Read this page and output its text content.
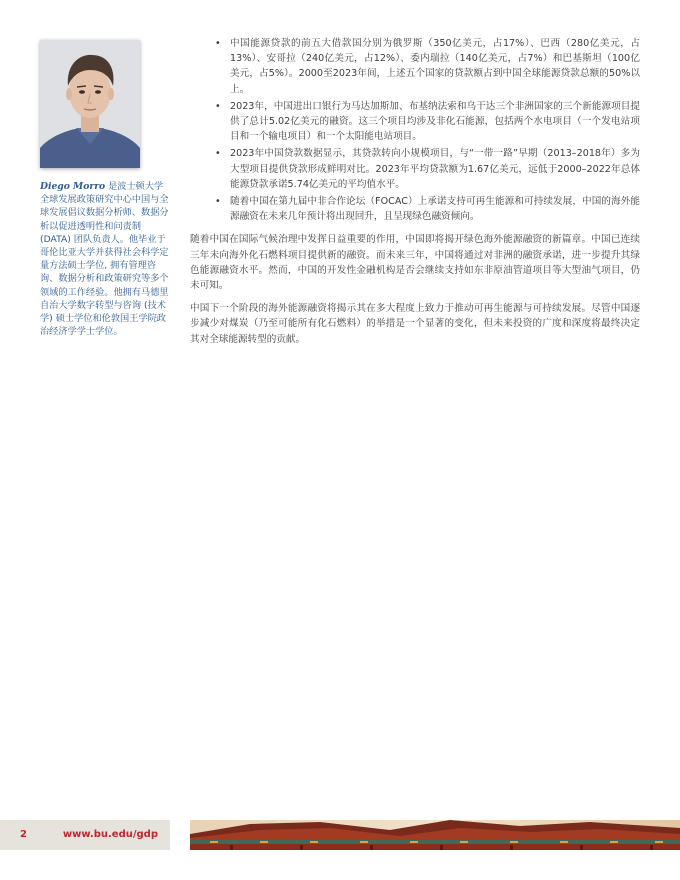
Diego Morro 是波士顿大学全球发展政策研究中心中国与全球发展倡议数据分析师、数据分析以促进透明性和问责制 (DATA) 团队负责人。他毕业于哥伦比亚大学并获得社会科学定量方法硕士学位, 拥有管理咨询、数据分析和政策研究等多个领域的工作经验。他拥有马德里自治大学数字转型与咨询 (技术学) 硕士学位和伦敦国王学院政治经济学学士学位。
• 中国能源贷款的前五大借款国分别为俄罗斯（350亿美元，占17%）、巴西（280亿美元，占13%）、安哥拉（240亿美元，占12%）、委内瑞拉（140亿美元，占7%）和巴基斯坦（100亿美元，占5%）。2000至2023年间，上述五个国家的贷款额占到中国全球能源贷款总额的50%以上。
• 2023年，中国进出口银行为马达加斯加、布基纳法索和乌干达三个非洲国家的三个新能源项目提供了总计5.02亿美元的融资。这三个项目均涉及非化石能源，包括两个水电项目（一个发电站项目和一个输电项目）和一个太阳能电站项目。
• 2023年中国贷款数据显示，其贷款转向小规模项目，与“一带一路”早期（2013–2018年）多为大型项目提供贷款形成鲜明对比。2023年平均贷款额为1.67亿美元，远低于2000–2022年总体能源贷款承诺5.74亿美元的平均值水平。
• 随着中国在第九届中非合作论坛（FOCAC）上承诺支持可再生能源和可持续发展，中国的海外能源融资在未来几年预计将出现回升，且呈现绿色融资倾向。

随着中国在国际气候治理中发挥日益重要的作用，中国即将揭开绿色海外能源融资的新篇章。中国已连续三年未向海外化石燃料项目提供新的融资。而未来三年，中国将通过对非洲的融资承诺，进一步提升其绿色能源融资水平。然而，中国的开发性金融机构是否会继续支持如东非原油管道项目等大型油气项目，仍未可知。

中国下一个阶段的海外能源融资将揭示其在多大程度上致力于推动可再生能源与可持续发展。尽管中国逐步减少对煤炭（乃至可能所有化石燃料）的举措是一个显著的变化，但未来投资的广度和深度将最终决定其对全球能源转型的贡献。

2	www.bu.edu/gdp
